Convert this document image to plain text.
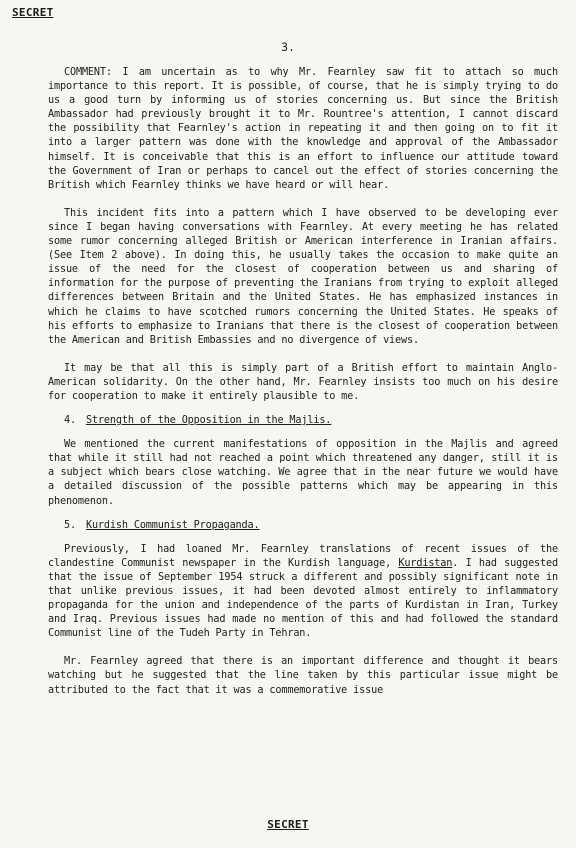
SECRET
3.

COMMENT: I am uncertain as to why Mr. Fearnley saw fit to attach so much importance to this report. It is possible, of course, that he is simply trying to do us a good turn by informing us of stories concerning us. But since the British Ambassador had previously brought it to Mr. Rountree's attention, I cannot discard the possibility that Fearnley's action in repeating it and then going on to fit it into a larger pattern was done with the knowledge and approval of the Ambassador himself. It is conceivable that this is an effort to influence our attitude toward the Government of Iran or perhaps to cancel out the effect of stories concerning the British which Fearnley thinks we have heard or will hear.

This incident fits into a pattern which I have observed to be developing ever since I began having conversations with Fearnley. At every meeting he has related some rumor concerning alleged British or American interference in Iranian affairs. (See Item 2 above). In doing this, he usually takes the occasion to make quite an issue of the need for the closest of cooperation between us and sharing of information for the purpose of preventing the Iranians from trying to exploit alleged differences between Britain and the United States. He has emphasized instances in which he claims to have scotched rumors concerning the United States. He speaks of his efforts to emphasize to Iranians that there is the closest of cooperation between the American and British Embassies and no divergence of views.

It may be that all this is simply part of a British effort to maintain Anglo-American solidarity. On the other hand, Mr. Fearnley insists too much on his desire for cooperation to make it entirely plausible to me.

4. Strength of the Opposition in the Majlis.

We mentioned the current manifestations of opposition in the Majlis and agreed that while it still had not reached a point which threatened any danger, still it is a subject which bears close watching. We agree that in the near future we would have a detailed discussion of the possible patterns which may be appearing in this phenomenon.

5. Kurdish Communist Propaganda.

Previously, I had loaned Mr. Fearnley translations of recent issues of the clandestine Communist newspaper in the Kurdish language, Kurdistan. I had suggested that the issue of September 1954 struck a different and possibly significant note in that unlike previous issues, it had been devoted almost entirely to inflammatory propaganda for the union and independence of the parts of Kurdistan in Iran, Turkey and Iraq. Previous issues had made no mention of this and had followed the standard Communist line of the Tudeh Party in Tehran.

Mr. Fearnley agreed that there is an important difference and thought it bears watching but he suggested that the line taken by this particular issue might be attributed to the fact that it was a commemorative issue

SECRET
